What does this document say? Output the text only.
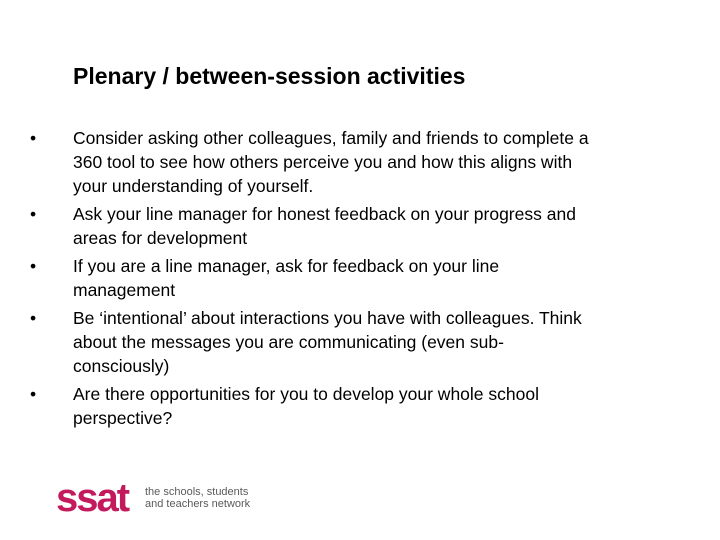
Plenary / between-session activities
•	Consider asking other colleagues, family and friends to complete a
360 tool to see how others perceive you and how this aligns with
your understanding of yourself.
•	Ask your line manager for honest feedback on your progress and
areas for development
•	If you are a line manager, ask for feedback on your line
management
•	Be ‘intentional’ about interactions you have with colleagues. Think
about the messages you are communicating (even sub-
consciously)
•	Are there opportunities for you to develop your whole school
perspective?
ssat the schools, students
and teachers network
